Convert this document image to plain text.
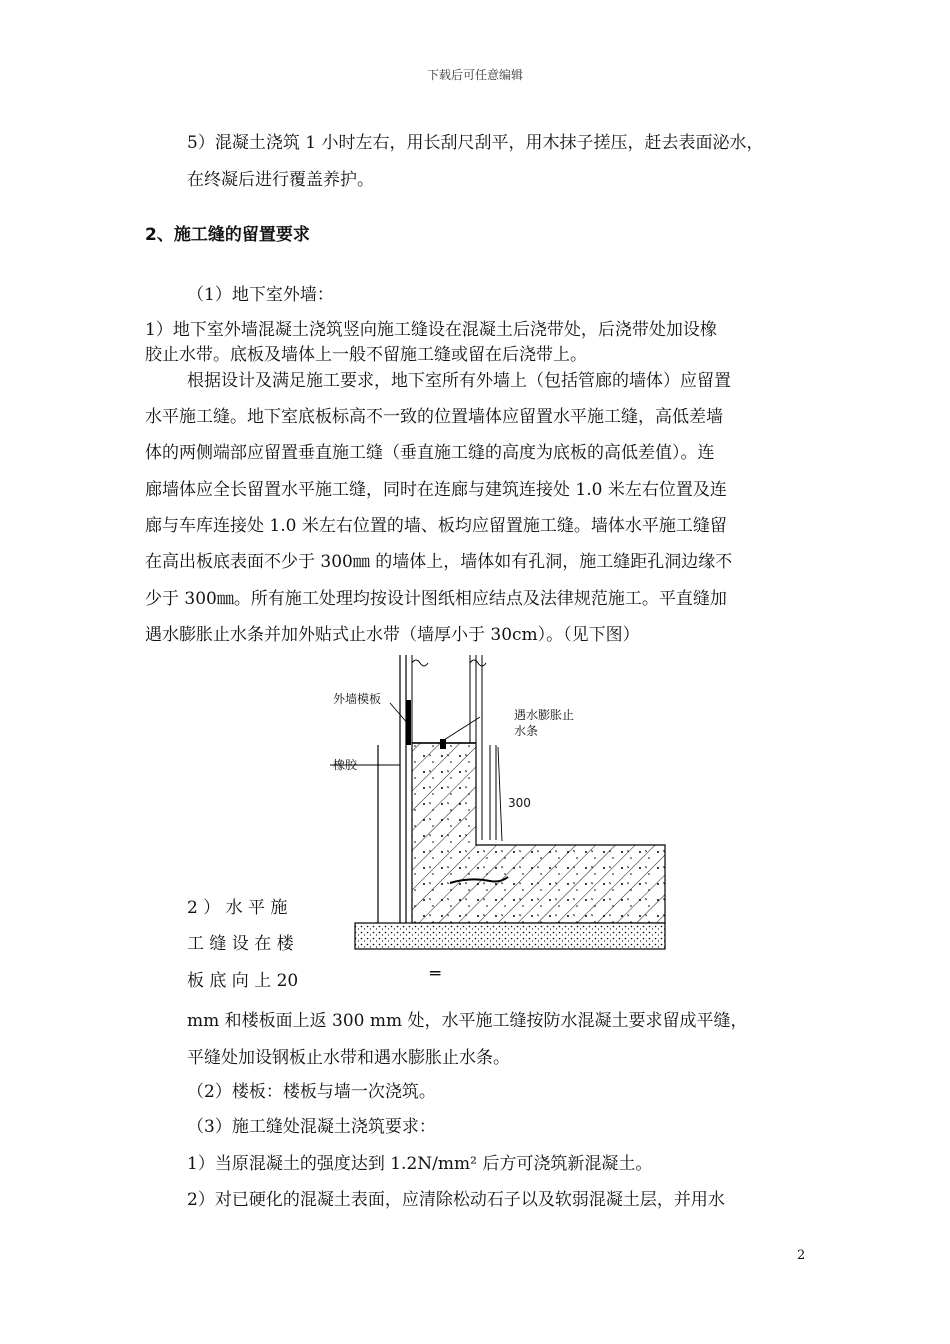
下载后可任意编辑
5）混凝土浇筑 1 小时左右，用长刮尺刮平，用木抹子搓压，赶去表面泌水，
在终凝后进行覆盖养护。
2、施工缝的留置要求
（1）地下室外墙：
1）地下室外墙混凝土浇筑竖向施工缝设在混凝土后浇带处，后浇带处加设橡
胶止水带。底板及墙体上一般不留施工缝或留在后浇带上。
根据设计及满足施工要求，地下室所有外墙上（包括管廊的墙体）应留置
水平施工缝。地下室底板标高不一致的位置墙体应留置水平施工缝，高低差墙
体的两侧端部应留置垂直施工缝（垂直施工缝的高度为底板的高低差值）。连
廊墙体应全长留置水平施工缝，同时在连廊与建筑连接处 1.0 米左右位置及连
廊与车库连接处 1.0 米左右位置的墙、板均应留置施工缝。墙体水平施工缝留
在高出板底表面不少于 300㎜ 的墙体上，墙体如有孔洞，施工缝距孔洞边缘不
少于 300㎜。所有施工处理均按设计图纸相应结点及法律规范施工。平直缝加
遇水膨胀止水条并加外贴式止水带（墙厚小于 30cm）。（见下图）
外墙模板
遇水膨胀止
水条
橡胶
300
2 ） 水 平 施
工 缝 设 在 楼
板 底 向 上 20	═
mm 和楼板面上返 300 mm 处，水平施工缝按防水混凝土要求留成平缝，
平缝处加设钢板止水带和遇水膨胀止水条。
（2）楼板：楼板与墙一次浇筑。
（3）施工缝处混凝土浇筑要求：
1）当原混凝土的强度达到 1.2N/mm² 后方可浇筑新混凝土。
2）对已硬化的混凝土表面，应清除松动石子以及软弱混凝土层，并用水
2
